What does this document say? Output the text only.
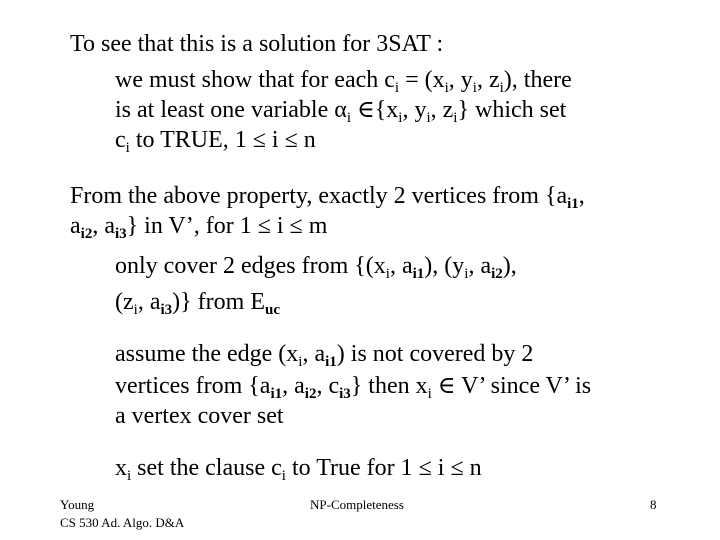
To see that this is a solution for 3SAT :

we must show that for each $c_i = (x_i$, $y_i$, $z_i$), there

is at least one variable $\alpha_i$ $\in\{x_i$, $y_i$, $z_i$} which set

$c_i$ to TRUE, 1 ≤ i ≤ n

From the above property, exactly 2 vertices from {$a_{i1}$,

$a_{i2}$, $a_{i3}$} in V’, for 1 ≤ i ≤ m

only cover 2 edges from {($x_i$, $a_{i1}$), ($y_i$, $a_{i2}$),

($z_i$, $a_{i3}$)} from $E_{uc}$

assume the edge ($x_i$, $a_{i1}$) is not covered by 2

vertices from {$a_{i1}$, $a_{i2}$, $c_{i3}$} then $x_i$ ∈ V’ since V’ is

a vertex cover set

$x_i$ set the clause $c_i$ to True for 1 ≤ i ≤ n

Young
CS 530 Ad. Algo. D&A
NP-Completeness	8
